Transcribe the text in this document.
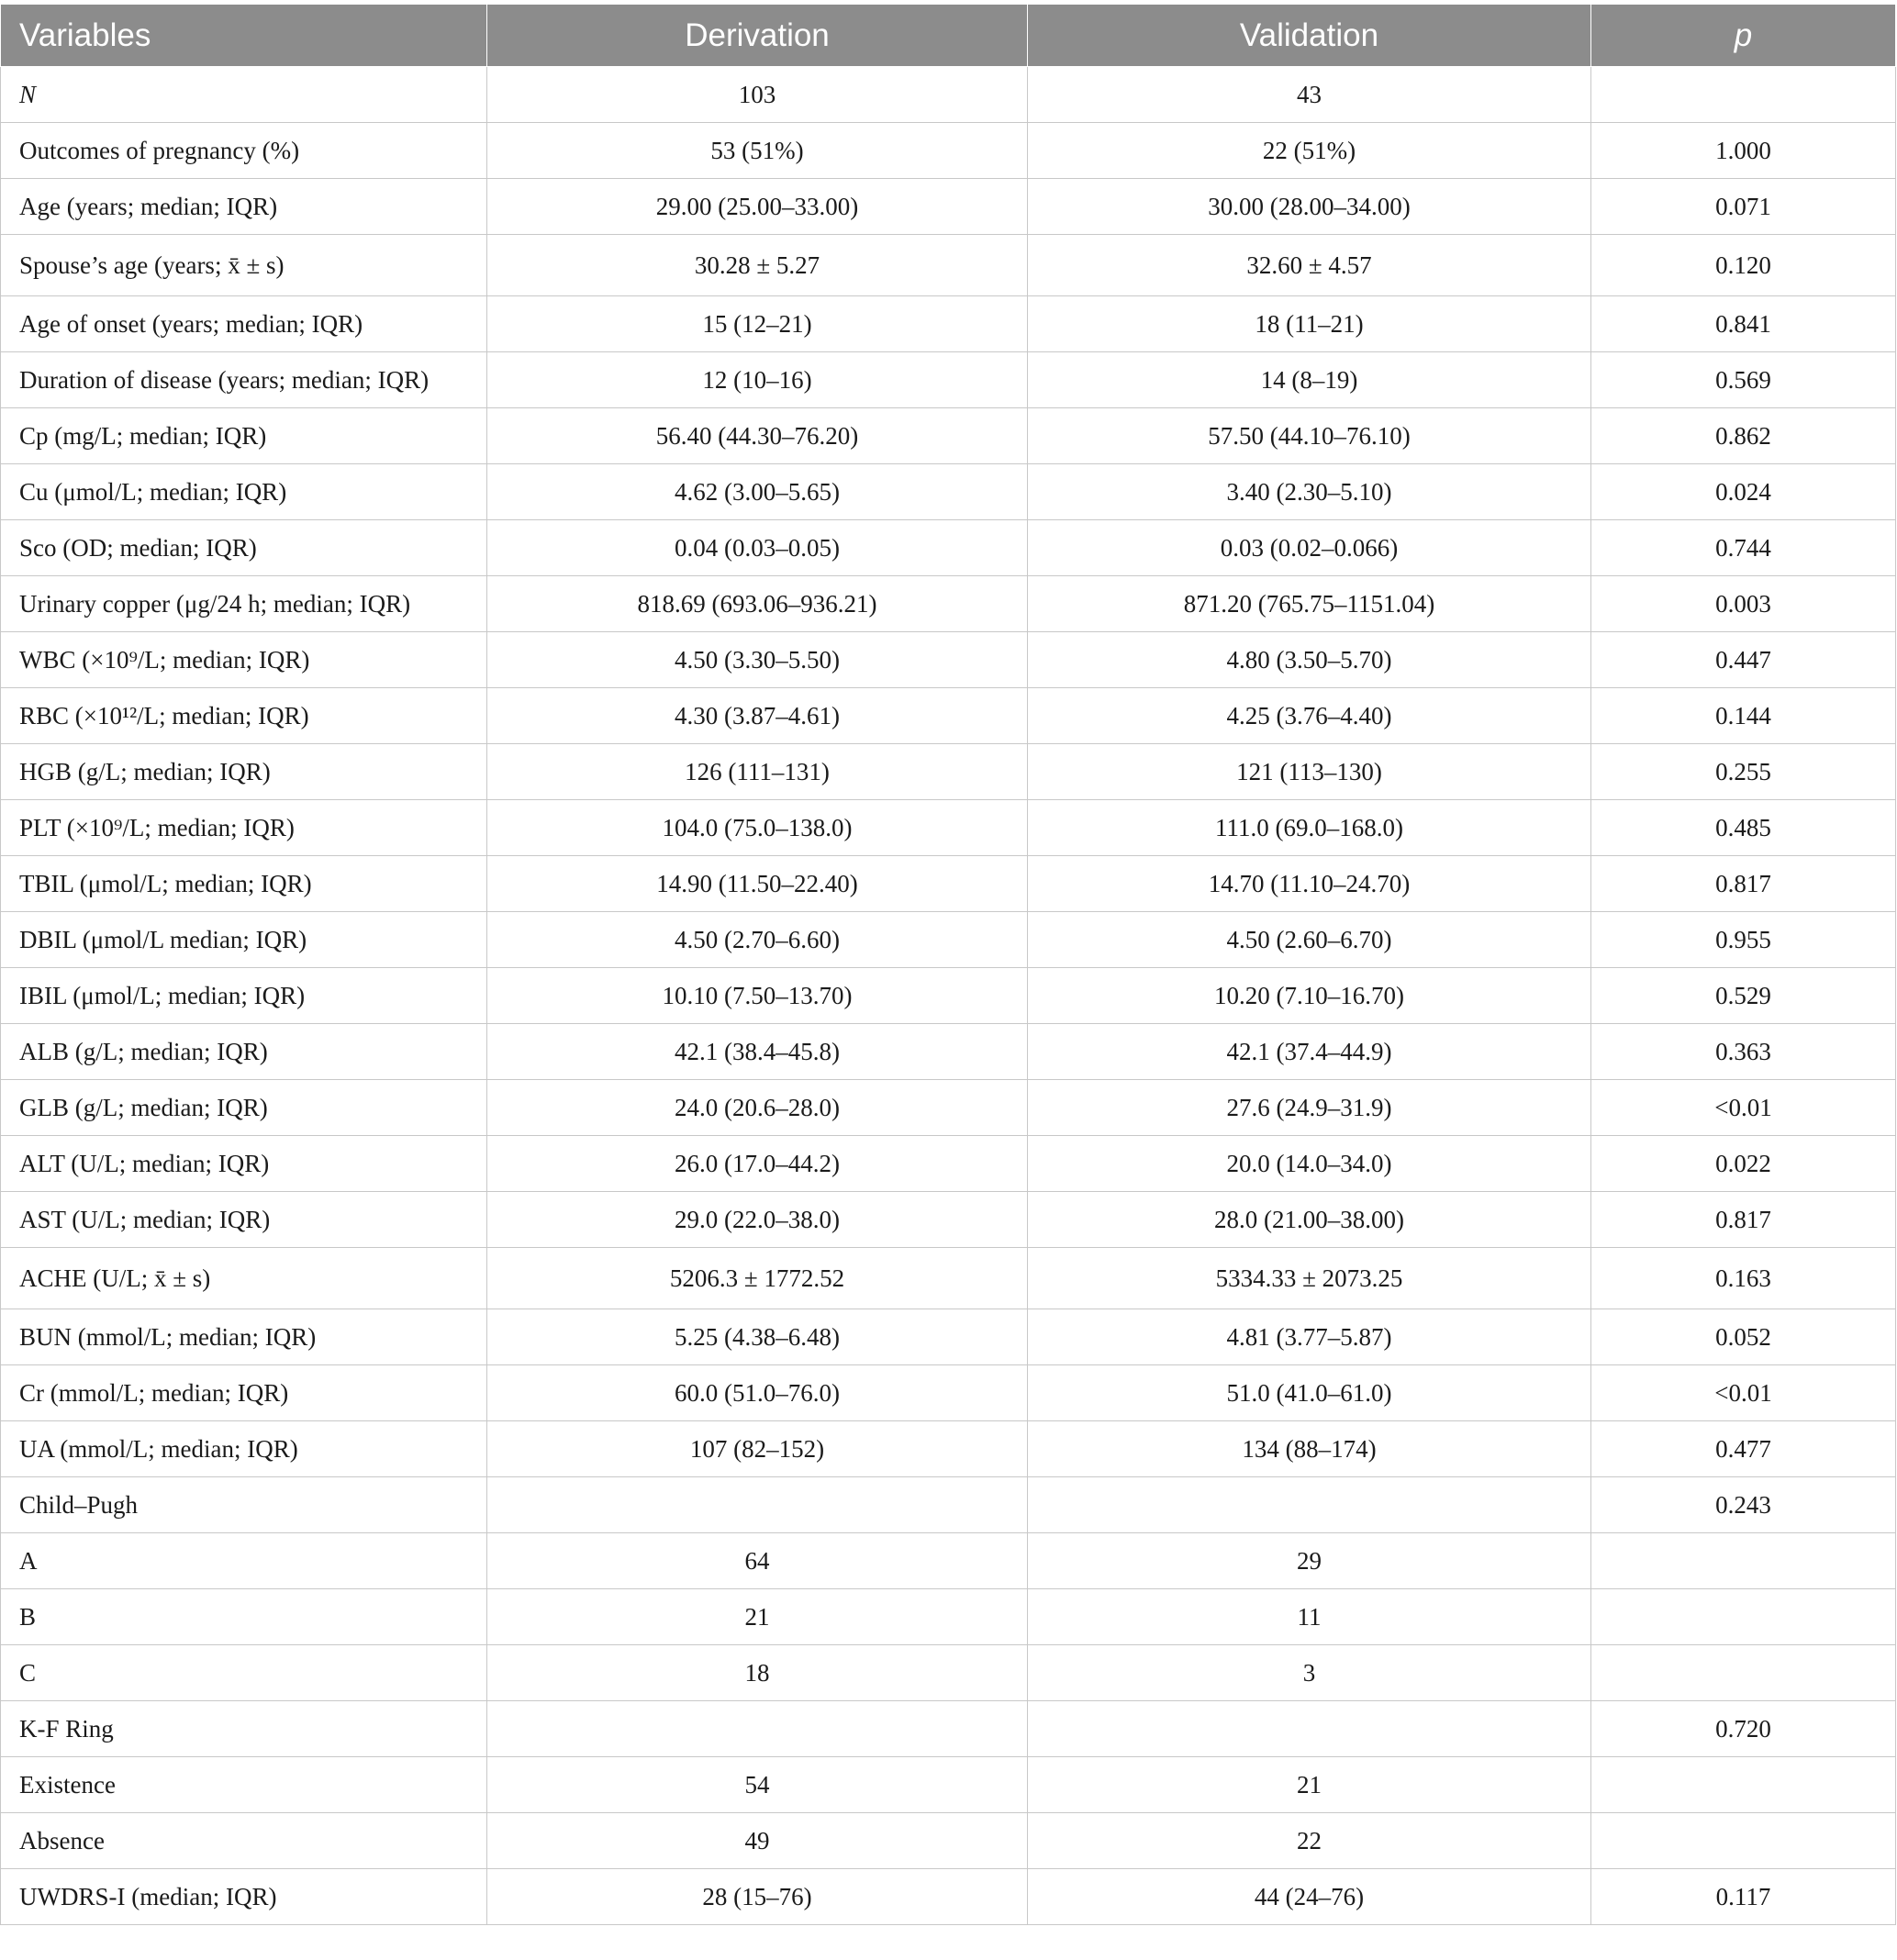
Variables	Derivation	Validation	p
N	103	43	
Outcomes of pregnancy (%)	53 (51%)	22 (51%)	1.000
Age (years; median; IQR)	29.00 (25.00–33.00)	30.00 (28.00–34.00)	0.071
Spouse’s age (years; x̄ ± s)	30.28 ± 5.27	32.60 ± 4.57	0.120
Age of onset (years; median; IQR)	15 (12–21)	18 (11–21)	0.841
Duration of disease (years; median; IQR)	12 (10–16)	14 (8–19)	0.569
Cp (mg/L; median; IQR)	56.40 (44.30–76.20)	57.50 (44.10–76.10)	0.862
Cu (μmol/L; median; IQR)	4.62 (3.00–5.65)	3.40 (2.30–5.10)	0.024
Sco (OD; median; IQR)	0.04 (0.03–0.05)	0.03 (0.02–0.066)	0.744
Urinary copper (μg/24 h; median; IQR)	818.69 (693.06–936.21)	871.20 (765.75–1151.04)	0.003
WBC (×10⁹/L; median; IQR)	4.50 (3.30–5.50)	4.80 (3.50–5.70)	0.447
RBC (×10¹²/L; median; IQR)	4.30 (3.87–4.61)	4.25 (3.76–4.40)	0.144
HGB (g/L; median; IQR)	126 (111–131)	121 (113–130)	0.255
PLT (×10⁹/L; median; IQR)	104.0 (75.0–138.0)	111.0 (69.0–168.0)	0.485
TBIL (μmol/L; median; IQR)	14.90 (11.50–22.40)	14.70 (11.10–24.70)	0.817
DBIL (μmol/L median; IQR)	4.50 (2.70–6.60)	4.50 (2.60–6.70)	0.955
IBIL (μmol/L; median; IQR)	10.10 (7.50–13.70)	10.20 (7.10–16.70)	0.529
ALB (g/L; median; IQR)	42.1 (38.4–45.8)	42.1 (37.4–44.9)	0.363
GLB (g/L; median; IQR)	24.0 (20.6–28.0)	27.6 (24.9–31.9)	<0.01
ALT (U/L; median; IQR)	26.0 (17.0–44.2)	20.0 (14.0–34.0)	0.022
AST (U/L; median; IQR)	29.0 (22.0–38.0)	28.0 (21.00–38.00)	0.817
ACHE (U/L; x̄ ± s)	5206.3 ± 1772.52	5334.33 ± 2073.25	0.163
BUN (mmol/L; median; IQR)	5.25 (4.38–6.48)	4.81 (3.77–5.87)	0.052
Cr (mmol/L; median; IQR)	60.0 (51.0–76.0)	51.0 (41.0–61.0)	<0.01
UA (mmol/L; median; IQR)	107 (82–152)	134 (88–174)	0.477
Child–Pugh			0.243
A	64	29	
B	21	11	
C	18	3	
K-F Ring			0.720
Existence	54	21	
Absence	49	22	
UWDRS-I (median; IQR)	28 (15–76)	44 (24–76)	0.117
